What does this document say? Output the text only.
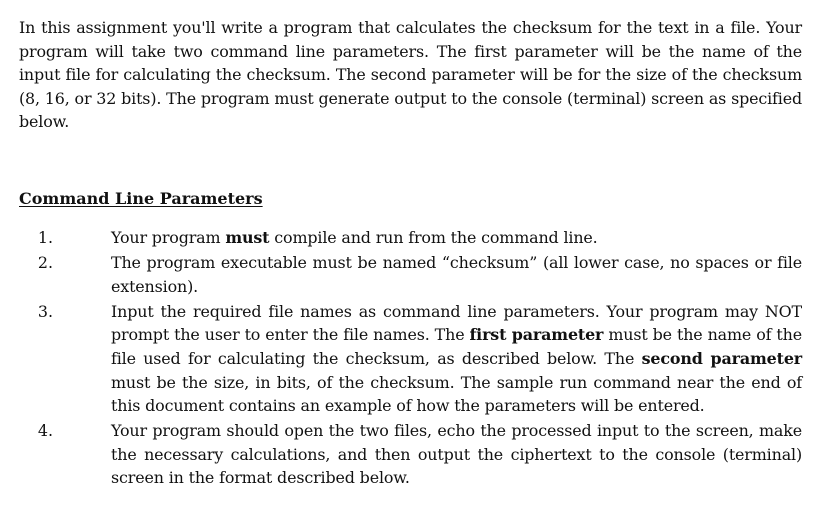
In this assignment you'll write a program that calculates the checksum for the text in a file. Your program will take two command line parameters. The first parameter will be the name of the input file for calculating the checksum. The second parameter will be for the size of the checksum (8, 16, or 32 bits). The program must generate output to the console (terminal) screen as specified below.

Command Line Parameters
1.	Your program must compile and run from the command line.
2.	The program executable must be named “checksum” (all lower case, no spaces or file extension).
3.	Input the required file names as command line parameters. Your program may NOT prompt the user to enter the file names. The first parameter must be the name of the file used for calculating the checksum, as described below. The second parameter must be the size, in bits, of the checksum. The sample run command near the end of this document contains an example of how the parameters will be entered.
4.	Your program should open the two files, echo the processed input to the screen, make the necessary calculations, and then output the ciphertext to the console (terminal) screen in the format described below.
